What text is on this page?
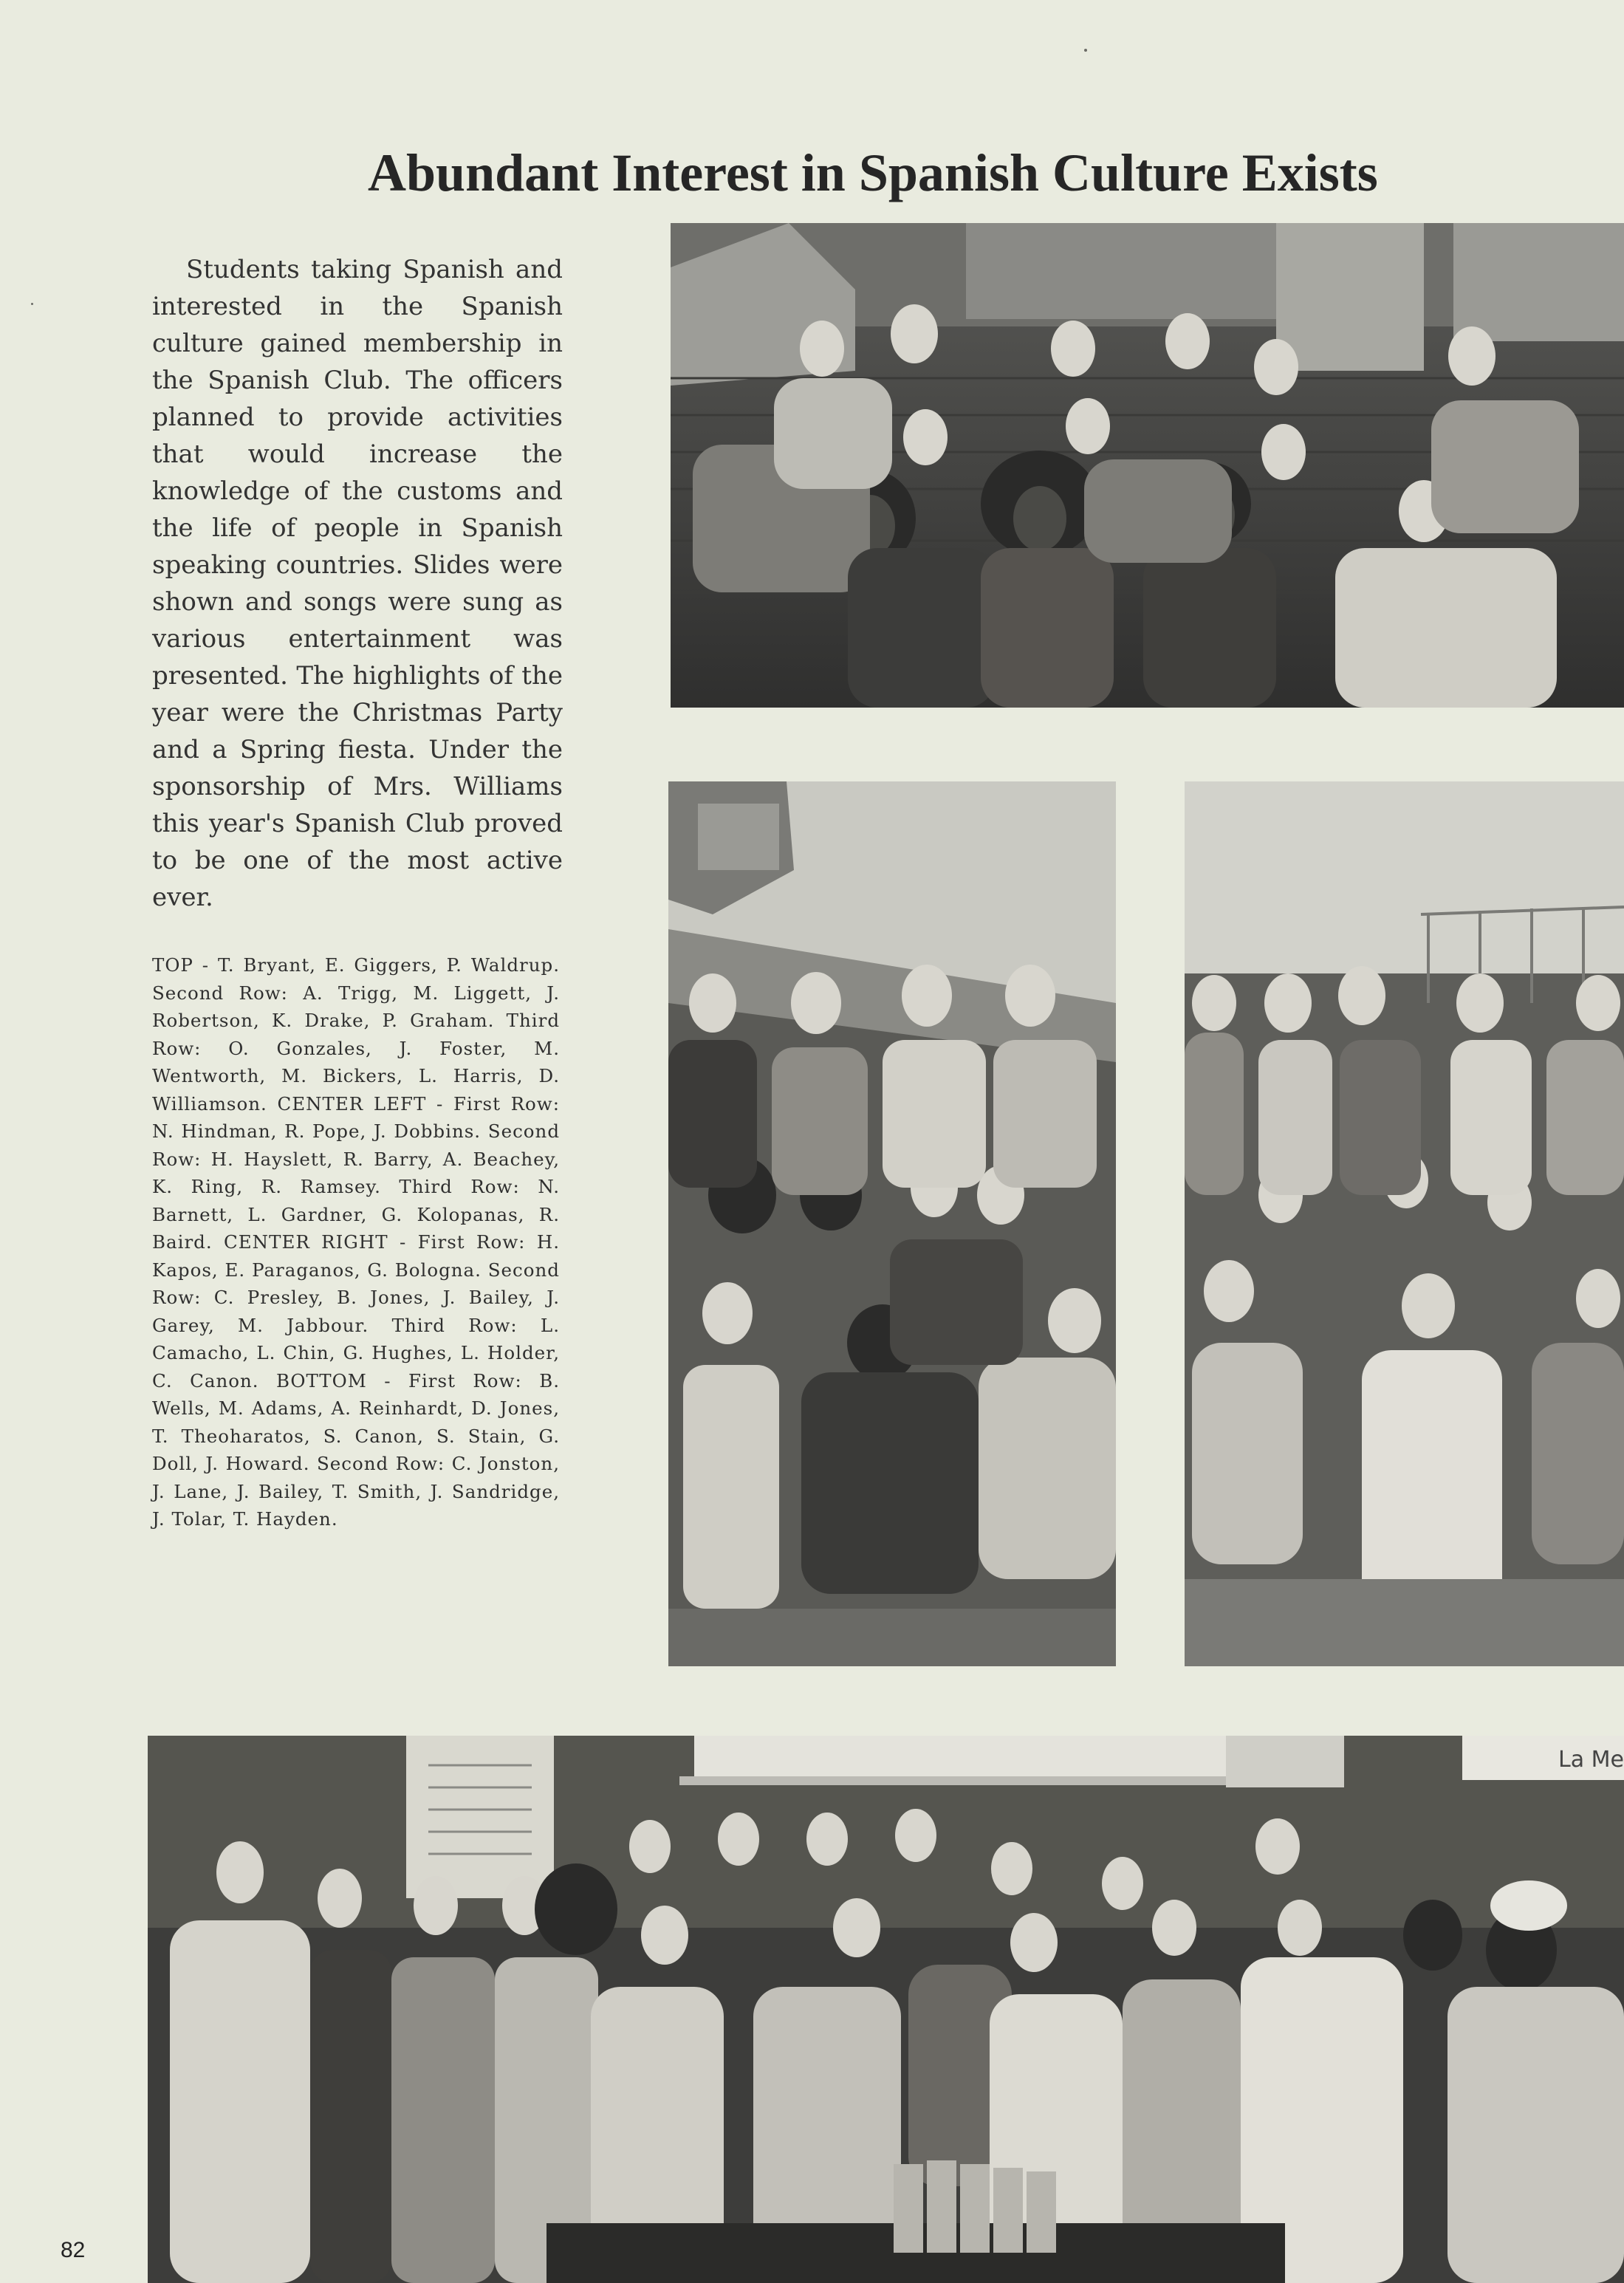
Abundant Interest in Spanish Culture Exists

Students taking Spanish and interested in the Spanish culture gained membership in the Spanish Club. The officers planned to provide activities that would increase the knowledge of the customs and the life of people in Spanish speaking countries. Slides were shown and songs were sung as various entertainment was presented. The highlights of the year were the Christmas Party and a Spring fiesta. Under the sponsorship of Mrs. Williams this year's Spanish Club proved to be one of the most active ever.

TOP - T. Bryant, E. Giggers, P. Waldrup. Second Row: A. Trigg, M. Liggett, J. Robertson, K. Drake, P. Graham. Third Row: O. Gonzales, J. Foster, M. Wentworth, M. Bickers, L. Harris, D. Williamson. CENTER LEFT - First Row: N. Hindman, R. Pope, J. Dobbins. Second Row: H. Hayslett, R. Barry, A. Beachey, K. Ring, R. Ramsey. Third Row: N. Barnett, L. Gardner, G. Kolopanas, R. Baird. CENTER RIGHT - First Row: H. Kapos, E. Paraganos, G. Bologna. Second Row: C. Presley, B. Jones, J. Bailey, J. Garey, M. Jabbour. Third Row: L. Camacho, L. Chin, G. Hughes, L. Holder, C. Canon. BOTTOM - First Row: B. Wells, M. Adams, A. Reinhardt, D. Jones, T. Theoharatos, S. Canon, S. Stain, G. Doll, J. Howard. Second Row: C. Jonston, J. Lane, J. Bailey, T. Smith, J. Sandridge, J. Tolar, T. Hayden.

La Me
82
